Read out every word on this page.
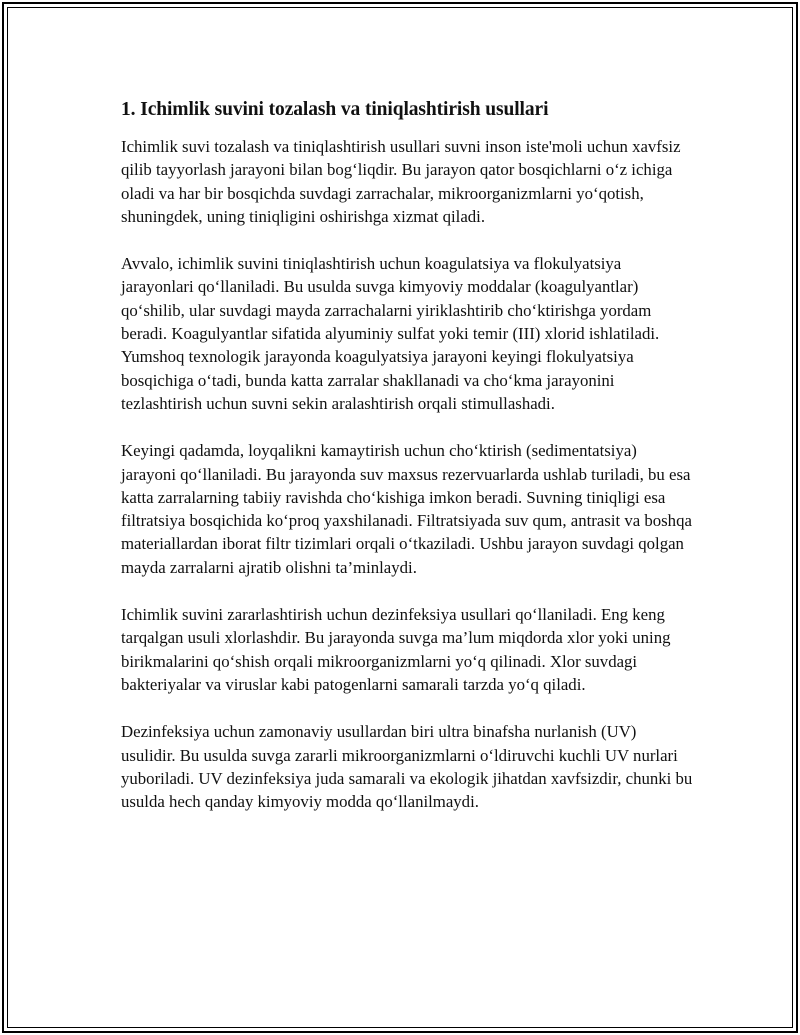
1. Ichimlik suvini tozalash va tiniqlashtirish usullari

Ichimlik suvi tozalash va tiniqlashtirish usullari suvni inson iste'moli uchun xavfsiz qilib tayyorlash jarayoni bilan bog‘liqdir. Bu jarayon qator bosqichlarni o‘z ichiga oladi va har bir bosqichda suvdagi zarrachalar, mikroorganizmlarni yo‘qotish, shuningdek, uning tiniqligini oshirishga xizmat qiladi.

Avvalo, ichimlik suvini tiniqlashtirish uchun koagulatsiya va flokulyatsiya jarayonlari qo‘llaniladi. Bu usulda suvga kimyoviy moddalar (koagulyantlar) qo‘shilib, ular suvdagi mayda zarrachalarni yiriklashtirib cho‘ktirishga yordam beradi. Koagulyantlar sifatida alyuminiy sulfat yoki temir (III) xlorid ishlatiladi. Yumshoq texnologik jarayonda koagulyatsiya jarayoni keyingi flokulyatsiya bosqichiga o‘tadi, bunda katta zarralar shakllanadi va cho‘kma jarayonini tezlashtirish uchun suvni sekin aralashtirish orqali stimullashadi.

Keyingi qadamda, loyqalikni kamaytirish uchun cho‘ktirish (sedimentatsiya) jarayoni qo‘llaniladi. Bu jarayonda suv maxsus rezervuarlarda ushlab turiladi, bu esa katta zarralarning tabiiy ravishda cho‘kishiga imkon beradi. Suvning tiniqligi esa filtratsiya bosqichida ko‘proq yaxshilanadi. Filtratsiyada suv qum, antrasit va boshqa materiallardan iborat filtr tizimlari orqali o‘tkaziladi. Ushbu jarayon suvdagi qolgan mayda zarralarni ajratib olishni ta’minlaydi.

Ichimlik suvini zararlashtirish uchun dezinfeksiya usullari qo‘llaniladi. Eng keng tarqalgan usuli xlorlashdir. Bu jarayonda suvga ma’lum miqdorda xlor yoki uning birikmalarini qo‘shish orqali mikroorganizmlarni yo‘q qilinadi. Xlor suvdagi bakteriyalar va viruslar kabi patogenlarni samarali tarzda yo‘q qiladi.

Dezinfeksiya uchun zamonaviy usullardan biri ultra binafsha nurlanish (UV) usulidir. Bu usulda suvga zararli mikroorganizmlarni o‘ldiruvchi kuchli UV nurlari yuboriladi. UV dezinfeksiya juda samarali va ekologik jihatdan xavfsizdir, chunki bu usulda hech qanday kimyoviy modda qo‘llanilmaydi.
